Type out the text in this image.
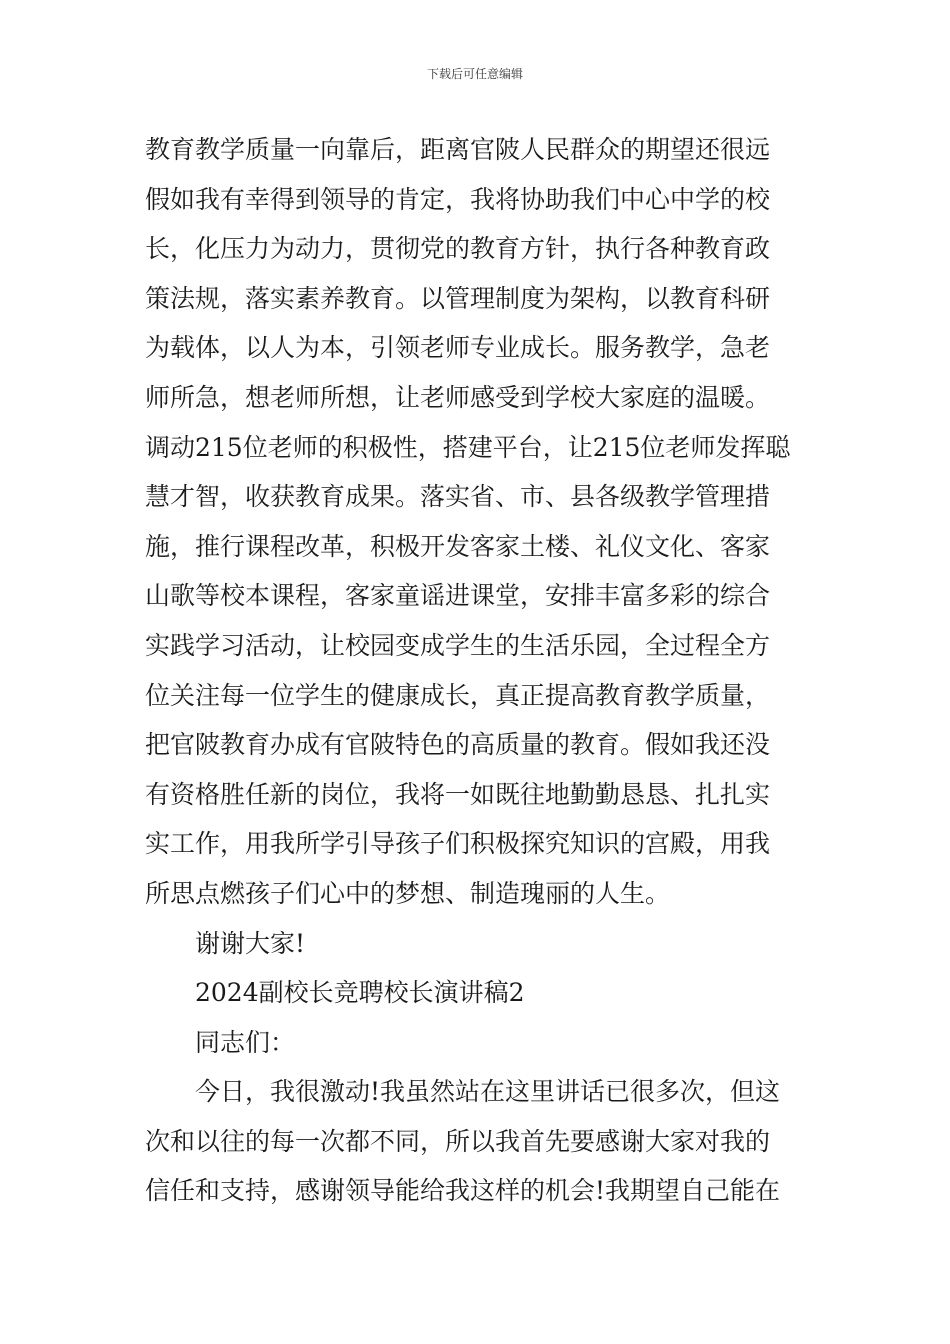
下载后可任意编辑
教育教学质量一向靠后，距离官陂人民群众的期望还很远
假如我有幸得到领导的肯定，我将协助我们中心中学的校
长，化压力为动力，贯彻党的教育方针，执行各种教育政
策法规，落实素养教育。以管理制度为架构，以教育科研
为载体，以人为本，引领老师专业成长。服务教学，急老
师所急，想老师所想，让老师感受到学校大家庭的温暖。
调动215位老师的积极性，搭建平台，让215位老师发挥聪
慧才智，收获教育成果。落实省、市、县各级教学管理措
施，推行课程改革，积极开发客家土楼、礼仪文化、客家
山歌等校本课程，客家童谣进课堂，安排丰富多彩的综合
实践学习活动，让校园变成学生的生活乐园，全过程全方
位关注每一位学生的健康成长，真正提高教育教学质量，
把官陂教育办成有官陂特色的高质量的教育。假如我还没
有资格胜任新的岗位，我将一如既往地勤勤恳恳、扎扎实
实工作，用我所学引导孩子们积极探究知识的宫殿，用我
所思点燃孩子们心中的梦想、制造瑰丽的人生。
谢谢大家!
2024副校长竞聘校长演讲稿2
同志们：
今日，我很激动!我虽然站在这里讲话已很多次，但这
次和以往的每一次都不同，所以我首先要感谢大家对我的
信任和支持，感谢领导能给我这样的机会!我期望自己能在
